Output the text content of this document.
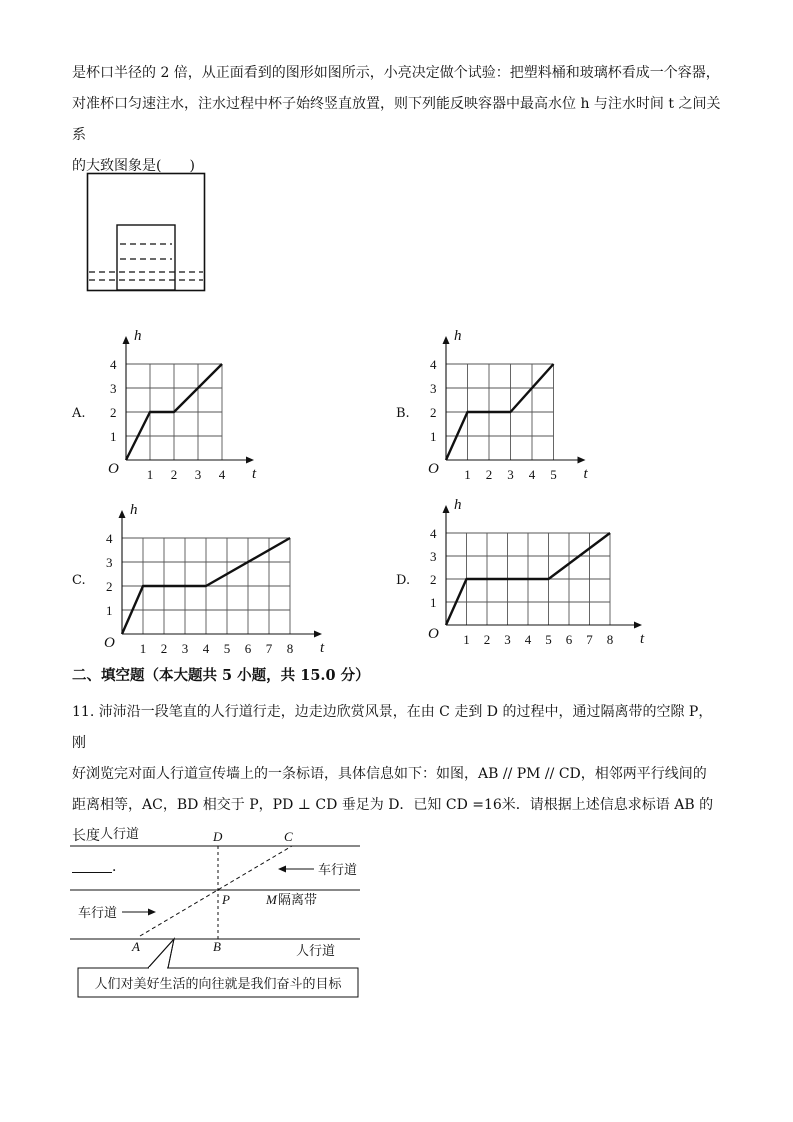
是杯口半径的 2 倍，从正面看到的图形如图所示，小亮决定做个试验：把塑料桶和玻璃杯看成一个容器，
对准杯口匀速注水，注水过程中杯子始终竖直放置，则下列能反映容器中最高水位 h 与注水时间 t 之间关系
的大致图象是(　　)
A.	B.
C.	D.
h
t
O
1
2
3
4
1 2 3 4
h
t
O
1
2
3
4
1 2 3 4 5
h
t
O
1
2
3
4
1 2 3 4 5 6 7 8
h
t
O
1
2
3
4
1 2 3 4 5 6 7 8
二、填空题（本大题共 5 小题，共 15.0 分）
11. 沛沛沿一段笔直的人行道行走，边走边欣赏风景，在由 C 走到 D 的过程中，通过隔离带的空隙 P，刚
好浏览完对面人行道宣传墙上的一条标语，具体信息如下：如图，AB // PM // CD，相邻两平行线间的
距离相等，AC，BD 相交于 P，PD ⊥ CD 垂足为 D．已知 CD =16米．请根据上述信息求标语 AB 的长度
．
人行道	D	C
车行道
P	M 隔离带
车行道
A	B	人行道
人们对美好生活的向往就是我们奋斗的目标
